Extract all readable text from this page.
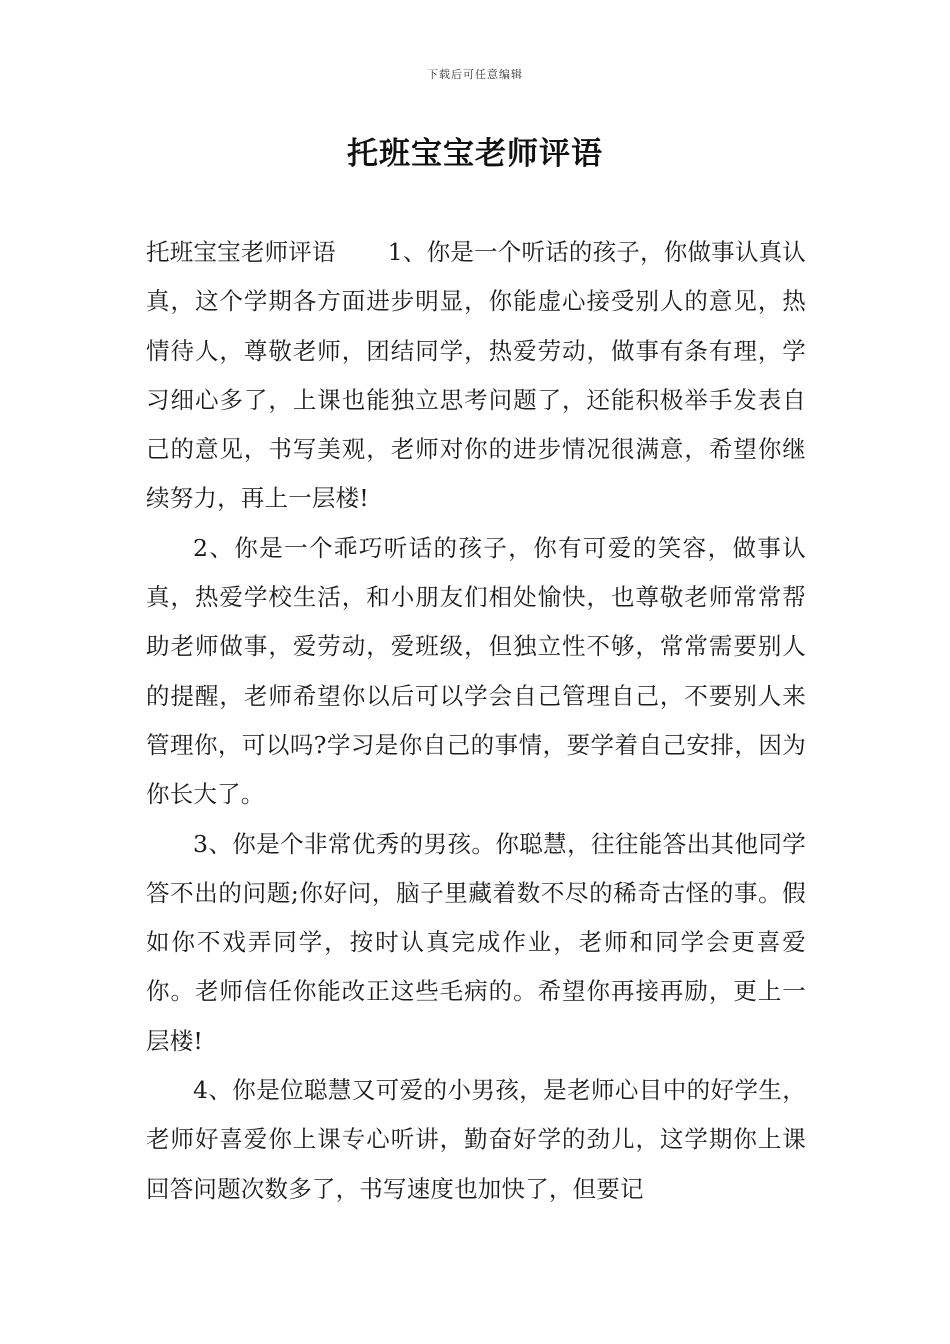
下载后可任意编辑
托班宝宝老师评语

托班宝宝老师评语 1、你是一个听话的孩子，你做事认真认真，这个学期各方面进步明显，你能虚心接受别人的意见，热情待人，尊敬老师，团结同学，热爱劳动，做事有条有理，学习细心多了，上课也能独立思考问题了，还能积极举手发表自己的意见，书写美观，老师对你的进步情况很满意，希望你继续努力，再上一层楼!

2、你是一个乖巧听话的孩子，你有可爱的笑容，做事认真，热爱学校生活，和小朋友们相处愉快，也尊敬老师常常帮助老师做事，爱劳动，爱班级，但独立性不够，常常需要别人的提醒，老师希望你以后可以学会自己管理自己，不要别人来管理你，可以吗?学习是你自己的事情，要学着自己安排，因为你长大了。

3、你是个非常优秀的男孩。你聪慧，往往能答出其他同学答不出的问题;你好问，脑子里藏着数不尽的稀奇古怪的事。假如你不戏弄同学，按时认真完成作业，老师和同学会更喜爱你。老师信任你能改正这些毛病的。希望你再接再励，更上一层楼!

4、你是位聪慧又可爱的小男孩，是老师心目中的好学生，老师好喜爱你上课专心听讲，勤奋好学的劲儿，这学期你上课回答问题次数多了，书写速度也加快了，但要记
